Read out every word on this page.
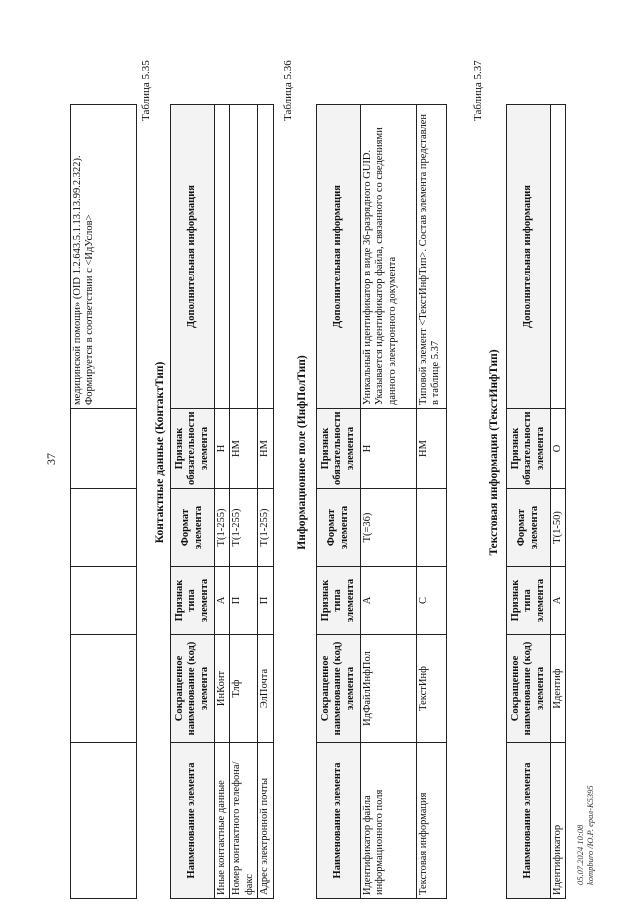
37

медицинской помощи» (OID 1.2.643.5.1.13.13.99.2.322). Формируется в соответствии с <ИдУслов>
Таблица 5.35
Контактные данные (КонтактТип)
Наименование элемента	Сокращенное наименование (код) элемента	Признак типа элемента	Формат элемента	Признак обязательности элемента	Дополнительная информация
Иные контактные данные	ИнКонт	А	Т(1-255)	Н	
Номер контактного телефона/факс	Тлф	П	Т(1-255)	НМ	
Адрес электронной почты	ЭлПочта	П	Т(1-255)	НМ	
Таблица 5.36
Информационное поле (ИнфПолТип)
Наименование элемента	Сокращенное наименование (код) элемента	Признак типа элемента	Формат элемента	Признак обязательности элемента	Дополнительная информация
Идентификатор файла информационного поля	ИдФайлИнфПол	А	Т(=36)	Н	Уникальный идентификатор в виде 36-разрядного GUID. Указывается идентификатор файла, связанного со сведениями данного электронного документа
Текстовая информация	ТекстИнф	С		НМ	Типовой элемент <ТекстИнфТип>. Состав элемента представлен в таблице 5.37
Таблица 5.37
Текстовая информация (ТекстИнфТип)
Наименование элемента	Сокращенное наименование (код) элемента	Признак типа элемента	Формат элемента	Признак обязательности элемента	Дополнительная информация
Идентификатор	Идентиф	А	Т(1-50)	О	
05.07.2024 10:08 kompburo /Ю.Р. ерал-К5395
